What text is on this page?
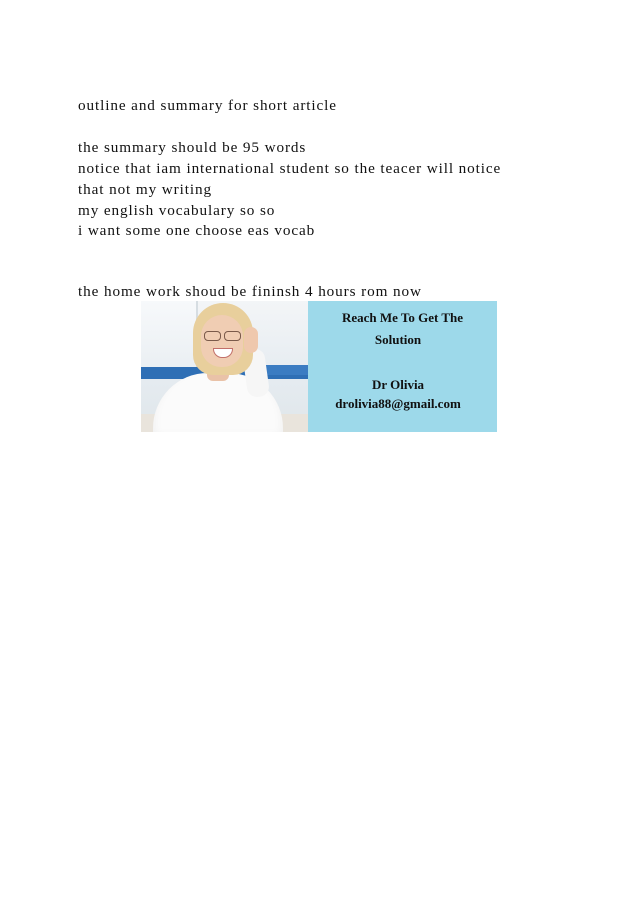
outline and summary for short article
the summary should be 95 words
notice that iam international student so the teacer will notice
that not my writing
my english vocabulary so so
i want some one choose eas vocab
the home work shoud be fininsh 4 hours rom now
Reach Me To Get The
Solution
Dr Olivia
drolivia88@gmail.com
